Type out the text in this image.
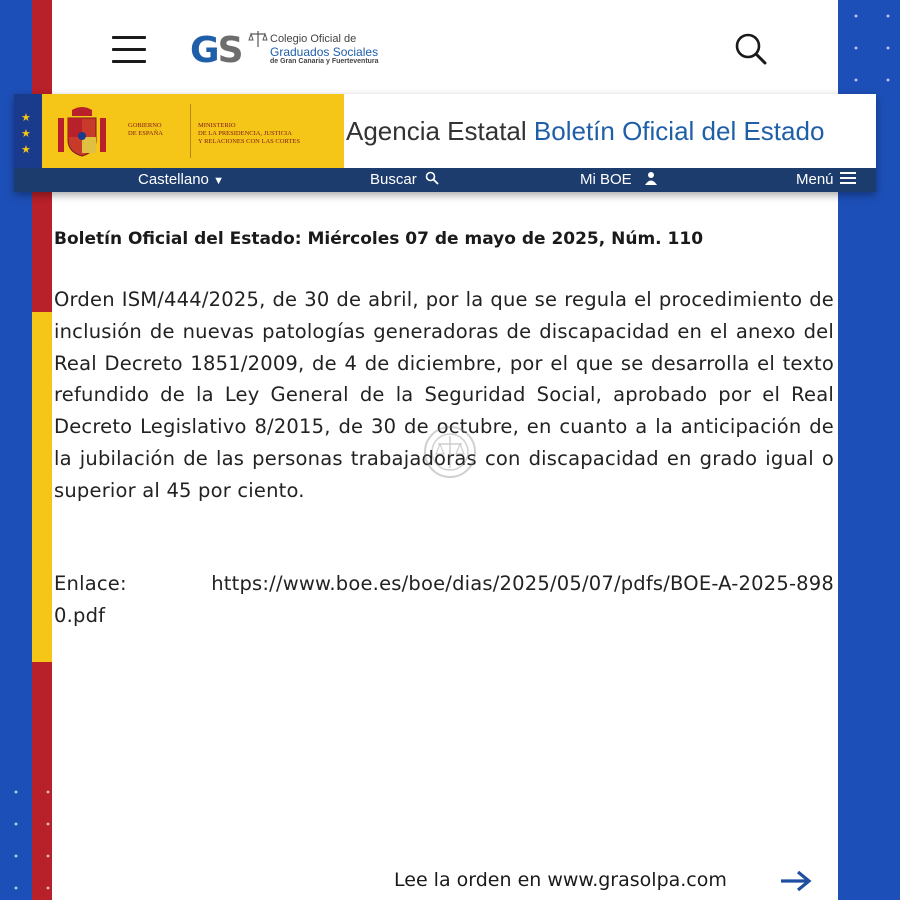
GS	Colegio Oficial de
Graduados Sociales
de Gran Canaria y Fuerteventura
★
★
★
GOBIERNO
DE ESPAÑA
MINISTERIO
DE LA PRESIDENCIA, JUSTICIA
Y RELACIONES CON LAS CORTES	Agencia Estatal Boletín Oficial del Estado
Castellano ▼	Buscar	Mi BOE	Menú
Boletín Oficial del Estado: Miércoles 07 de mayo de 2025, Núm. 110
Orden ISM/444/2025, de 30 de abril, por la que se regula el procedimiento de inclusión de nuevas patologías generadoras de discapacidad en el anexo del Real Decreto 1851/2009, de 4 de diciembre, por el que se desarrolla el texto refundido de la Ley General de la Seguridad Social, aprobado por el Real Decreto Legislativo 8/2015, de 30 de octubre, en cuanto a la anticipación de la jubilación de las personas trabajadoras con discapacidad en grado igual o superior al 45 por ciento.
Enlace:	https://www.boe.es/boe/dias/2025/05/07/pdfs/BOE-A-2025-8980.pdf
Lee la orden en www.grasolpa.com
